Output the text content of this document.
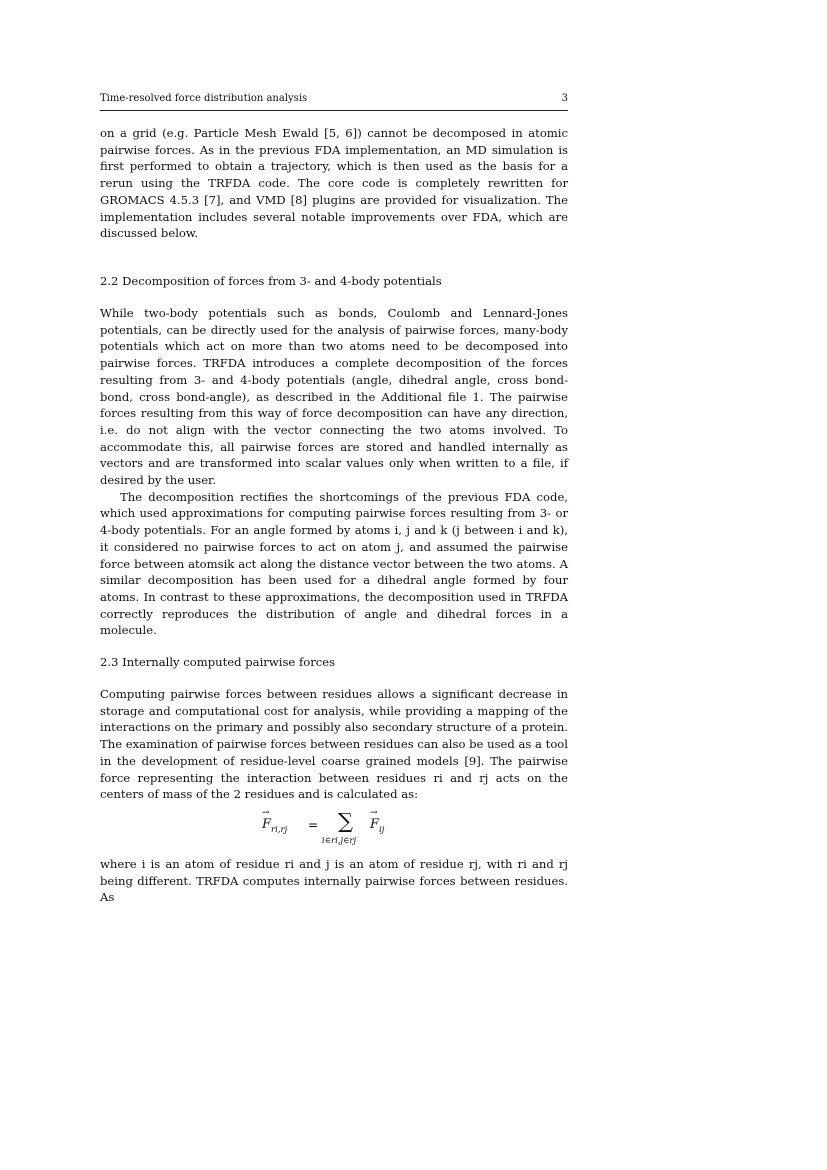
Time-resolved force distribution analysis	3

on a grid (e.g. Particle Mesh Ewald [5, 6]) cannot be decomposed in atomic pairwise forces. As in the previous FDA implementation, an MD simulation is first performed to obtain a trajectory, which is then used as the basis for a rerun using the TRFDA code. The core code is completely rewritten for GROMACS 4.5.3 [7], and VMD [8] plugins are provided for visualization. The implementation includes several notable improvements over FDA, which are discussed below.

2.2 Decomposition of forces from 3- and 4-body potentials

While two-body potentials such as bonds, Coulomb and Lennard-Jones potentials, can be directly used for the analysis of pairwise forces, many-body potentials which act on more than two atoms need to be decomposed into pairwise forces. TRFDA introduces a complete decomposition of the forces resulting from 3- and 4-body potentials (angle, dihedral angle, cross bond-bond, cross bond-angle), as described in the Additional file 1. The pairwise forces resulting from this way of force decomposition can have any direction, i.e. do not align with the vector connecting the two atoms involved. To accommodate this, all pairwise forces are stored and handled internally as vectors and are transformed into scalar values only when written to a file, if desired by the user.

The decomposition rectifies the shortcomings of the previous FDA code, which used approximations for computing pairwise forces resulting from 3- or 4-body potentials. For an angle formed by atoms i, j and k (j between i and k), it considered no pairwise forces to act on atom j, and assumed the pairwise force between atomsik act along the distance vector between the two atoms. A similar decomposition has been used for a dihedral angle formed by four atoms. In contrast to these approximations, the decomposition used in TRFDA correctly reproduces the distribution of angle and dihedral forces in a molecule.

2.3 Internally computed pairwise forces

Computing pairwise forces between residues allows a significant decrease in storage and computational cost for analysis, while providing a mapping of the interactions on the primary and possibly also secondary structure of a protein. The examination of pairwise forces between residues can also be used as a tool in the development of residue-level coarse grained models [9]. The pairwise force representing the interaction between residues ri and rj acts on the centers of mass of the 2 residues and is calculated as:

→
$F_{ri,rj}$ = ∑
i∈ri,j∈rj
→
$F_{ij}$

where i is an atom of residue ri and j is an atom of residue rj, with ri and rj being different. TRFDA computes internally pairwise forces between residues. As
